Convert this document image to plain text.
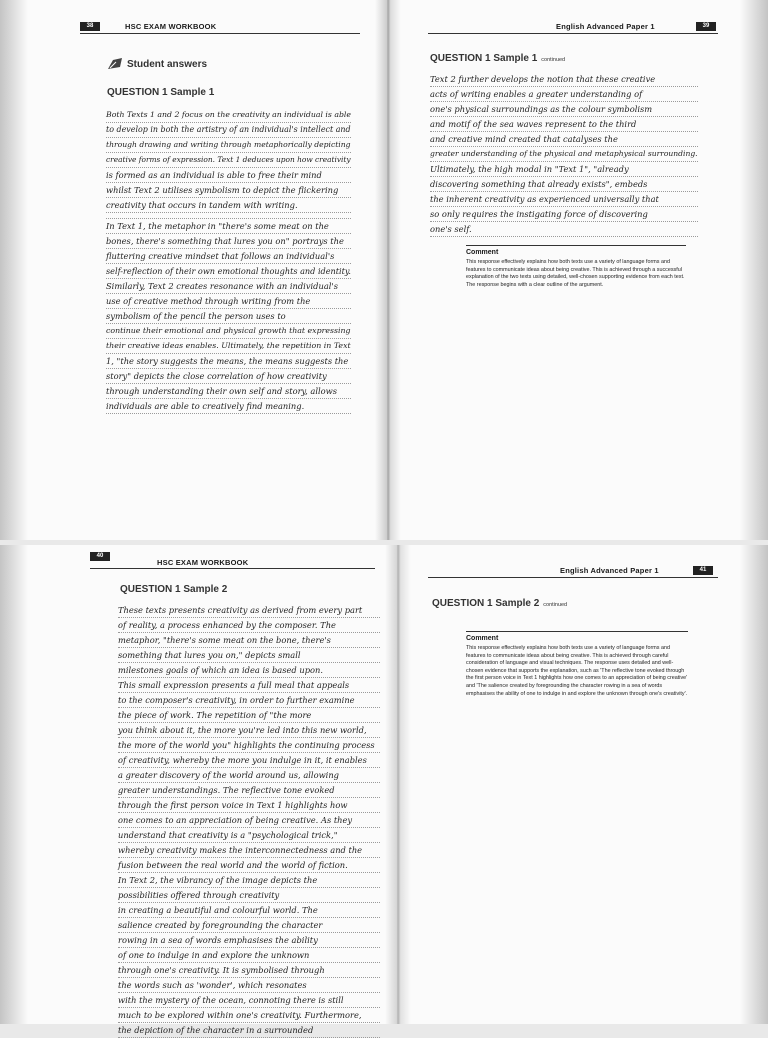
38	HSC EXAM WORKBOOK
Student answers
QUESTION 1 Sample 1
Both Texts 1 and 2 focus on the creativity an individual is able
to develop in both the artistry of an individual's intellect and
through drawing and writing through metaphorically depicting
creative forms of expression. Text 1 deduces upon how creativity
is formed as an individual is able to free their mind
whilst Text 2 utilises symbolism to depict the flickering
creativity that occurs in tandem with writing.
In Text 1, the metaphor in "there's some meat on the
bones, there's something that lures you on" portrays the
fluttering creative mindset that follows an individual's
self-reflection of their own emotional thoughts and identity.
Similarly, Text 2 creates resonance with an individual's
use of creative method through writing from the
symbolism of the pencil the person uses to
continue their emotional and physical growth that expressing
their creative ideas enables. Ultimately, the repetition in Text
1, "the story suggests the means, the means suggests the
story" depicts the close correlation of how creativity
through understanding their own self and story, allows
individuals are able to creatively find meaning.
English Advanced Paper 1	39
QUESTION 1 Sample 1 continued
Text 2 further develops the notion that these creative
acts of writing enables a greater understanding of
one's physical surroundings as the colour symbolism
and motif of the sea waves represent to the third
and creative mind created that catalyses the
greater understanding of the physical and metaphysical surrounding.
Ultimately, the high modal in "Text 1", "already
discovering something that already exists", embeds
the inherent creativity as experienced universally that
so only requires the instigating force of discovering
one's self.
Comment
This response effectively explains how both texts use a variety of language forms and features to communicate ideas about being creative. This is achieved through a successful explanation of the two texts using detailed, well-chosen supporting evidence from each text. The response begins with a clear outline of the argument.
40
HSC EXAM WORKBOOK
QUESTION 1 Sample 2
These texts presents creativity as derived from every part
of reality, a process enhanced by the composer. The
metaphor, "there's some meat on the bone, there's
something that lures you on," depicts small
milestones goals of which an idea is based upon.
This small expression presents a full meal that appeals
to the composer's creativity, in order to further examine
the piece of work. The repetition of "the more
you think about it, the more you're led into this new world,
the more of the world you" highlights the continuing process
of creativity, whereby the more you indulge in it, it enables
a greater discovery of the world around us, allowing
greater understandings. The reflective tone evoked
through the first person voice in Text 1 highlights how
one comes to an appreciation of being creative. As they
understand that creativity is a "psychological trick,"
whereby creativity makes the interconnectedness and the
fusion between the real world and the world of fiction.
In Text 2, the vibrancy of the image depicts the
possibilities offered through creativity
in creating a beautiful and colourful world. The
salience created by foregrounding the character
rowing in a sea of words emphasises the ability
of one to indulge in and explore the unknown
through one's creativity. It is symbolised through
the words such as 'wonder', which resonates
with the mystery of the ocean, connoting there is still
much to be explored within one's creativity. Furthermore,
the depiction of the character in a surrounded
English Advanced Paper 1	41
QUESTION 1 Sample 2 continued
Comment
This response effectively explains how both texts use a variety of language forms and features to communicate ideas about being creative. This is achieved through careful consideration of language and visual techniques. The response uses detailed and well-chosen evidence that supports the explanation, such as 'The reflective tone evoked through the first person voice in Text 1 highlights how one comes to an appreciation of being creative' and 'The salience created by foregrounding the character rowing in a sea of words emphasises the ability of one to indulge in and explore the unknown through one's creativity'.
